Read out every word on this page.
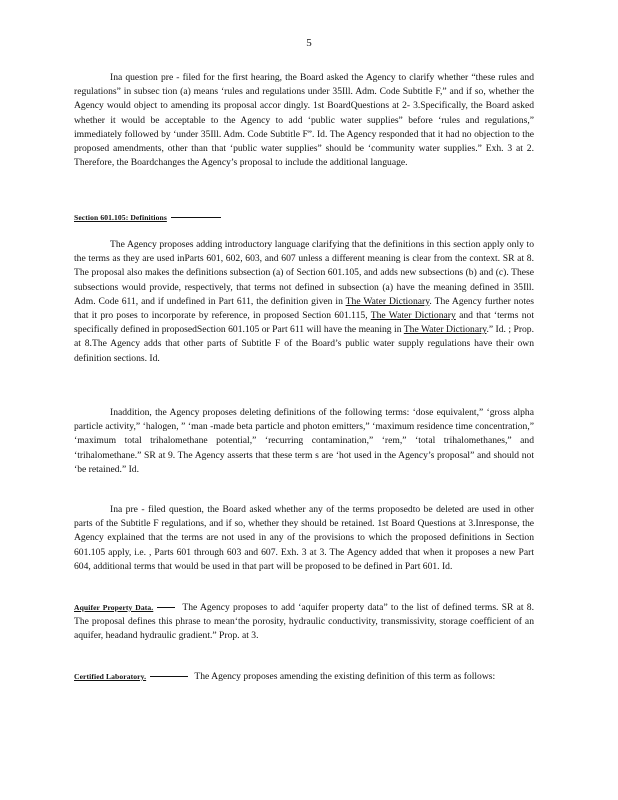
5

Ina question pre - filed for the first hearing, the Board asked the Agency to clarify whether “these rules and regulations” in subsec tion (a) means ‘rules and regulations under 35Ill. Adm. Code Subtitle F,” and if so, whether the Agency would object to amending its proposal accor dingly. 1st BoardQuestions at 2- 3.Specifically, the Board asked whether it would be acceptable to the Agency to add ‘public water supplies” before ‘rules and regulations,” immediately followed by ‘under 35Ill. Adm. Code Subtitle F”. Id. The Agency responded that it had no objection to the proposed amendments, other than that ‘public water supplies” should be ‘community water supplies.” Exh. 3 at 2. Therefore, the Boardchanges the Agency’s proposal to include the additional language.

Section 601.105: Definitions

The Agency proposes adding introductory language clarifying that the definitions in this section apply only to the terms as they are used inParts 601, 602, 603, and 607 unless a different meaning is clear from the context. SR at 8. The proposal also makes the definitions subsection (a) of Section 601.105, and adds new subsections (b) and (c). These subsections would provide, respectively, that terms not defined in subsection (a) have the meaning defined in 35Ill. Adm. Code 611, and if undefined in Part 611, the definition given in The Water Dictionary. The Agency further notes that it pro poses to incorporate by reference, in proposed Section 601.115, The Water Dictionary and that ‘terms not specifically defined in proposedSection 601.105 or Part 611 will have the meaning in The Water Dictionary.” Id. ; Prop. at 8.The Agency adds that other parts of Subtitle F of the Board’s public water supply regulations have their own definition sections. Id.

Inaddition, the Agency proposes deleting definitions of the following terms: ‘dose equivalent,” ‘gross alpha particle activity,” ‘halogen, ” ‘man -made beta particle and photon emitters,” ‘maximum residence time concentration,” ‘maximum total trihalomethane potential,” ‘recurring contamination,” ‘rem,” ‘total trihalomethanes,” and ‘trihalomethane.” SR at 9. The Agency asserts that these term s are ‘hot used in the Agency’s proposal” and should not ‘be retained.” Id.

Ina pre - filed question, the Board asked whether any of the terms proposedto be deleted are used in other parts of the Subtitle F regulations, and if so, whether they should be retained. 1st Board Questions at 3.Inresponse, the Agency explained that the terms are not used in any of the provisions to which the proposed definitions in Section 601.105 apply, i.e. , Parts 601 through 603 and 607. Exh. 3 at 3. The Agency added that when it proposes a new Part 604, additional terms that would be used in that part will be proposed to be defined in Part 601. Id.

Aquifer Property Data.	The Agency proposes to add ‘aquifer property data” to the list of defined terms. SR at 8. The proposal defines this phrase to mean‘the porosity, hydraulic conductivity, transmissivity, storage coefficient of an aquifer, headand hydraulic gradient.” Prop. at 3.

Certified Laboratory.	The Agency proposes amending the existing definition of this term as follows:
